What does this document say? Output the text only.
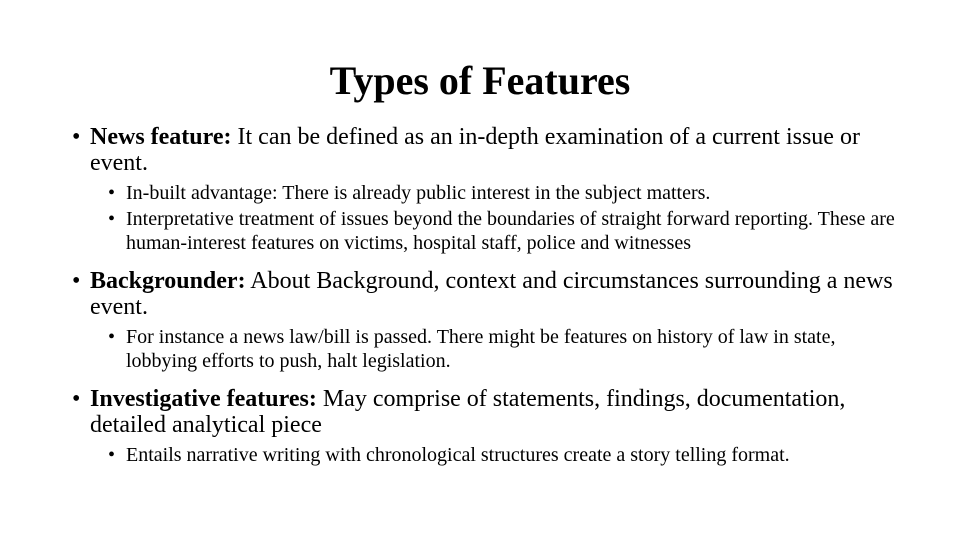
Types of Features
• News feature: It can be defined as an in-depth examination of a current issue or event.
• In-built advantage: There is already public interest in the subject matters.
• Interpretative treatment of issues beyond the boundaries of straight forward reporting. These are human-interest features on victims, hospital staff, police and witnesses
• Backgrounder: About Background, context and circumstances surrounding a news event.
• For instance a news law/bill is passed. There might be features on history of law in state, lobbying efforts to push, halt legislation.
• Investigative features: May comprise of statements, findings, documentation, detailed analytical piece
• Entails narrative writing with chronological structures create a story telling format.
